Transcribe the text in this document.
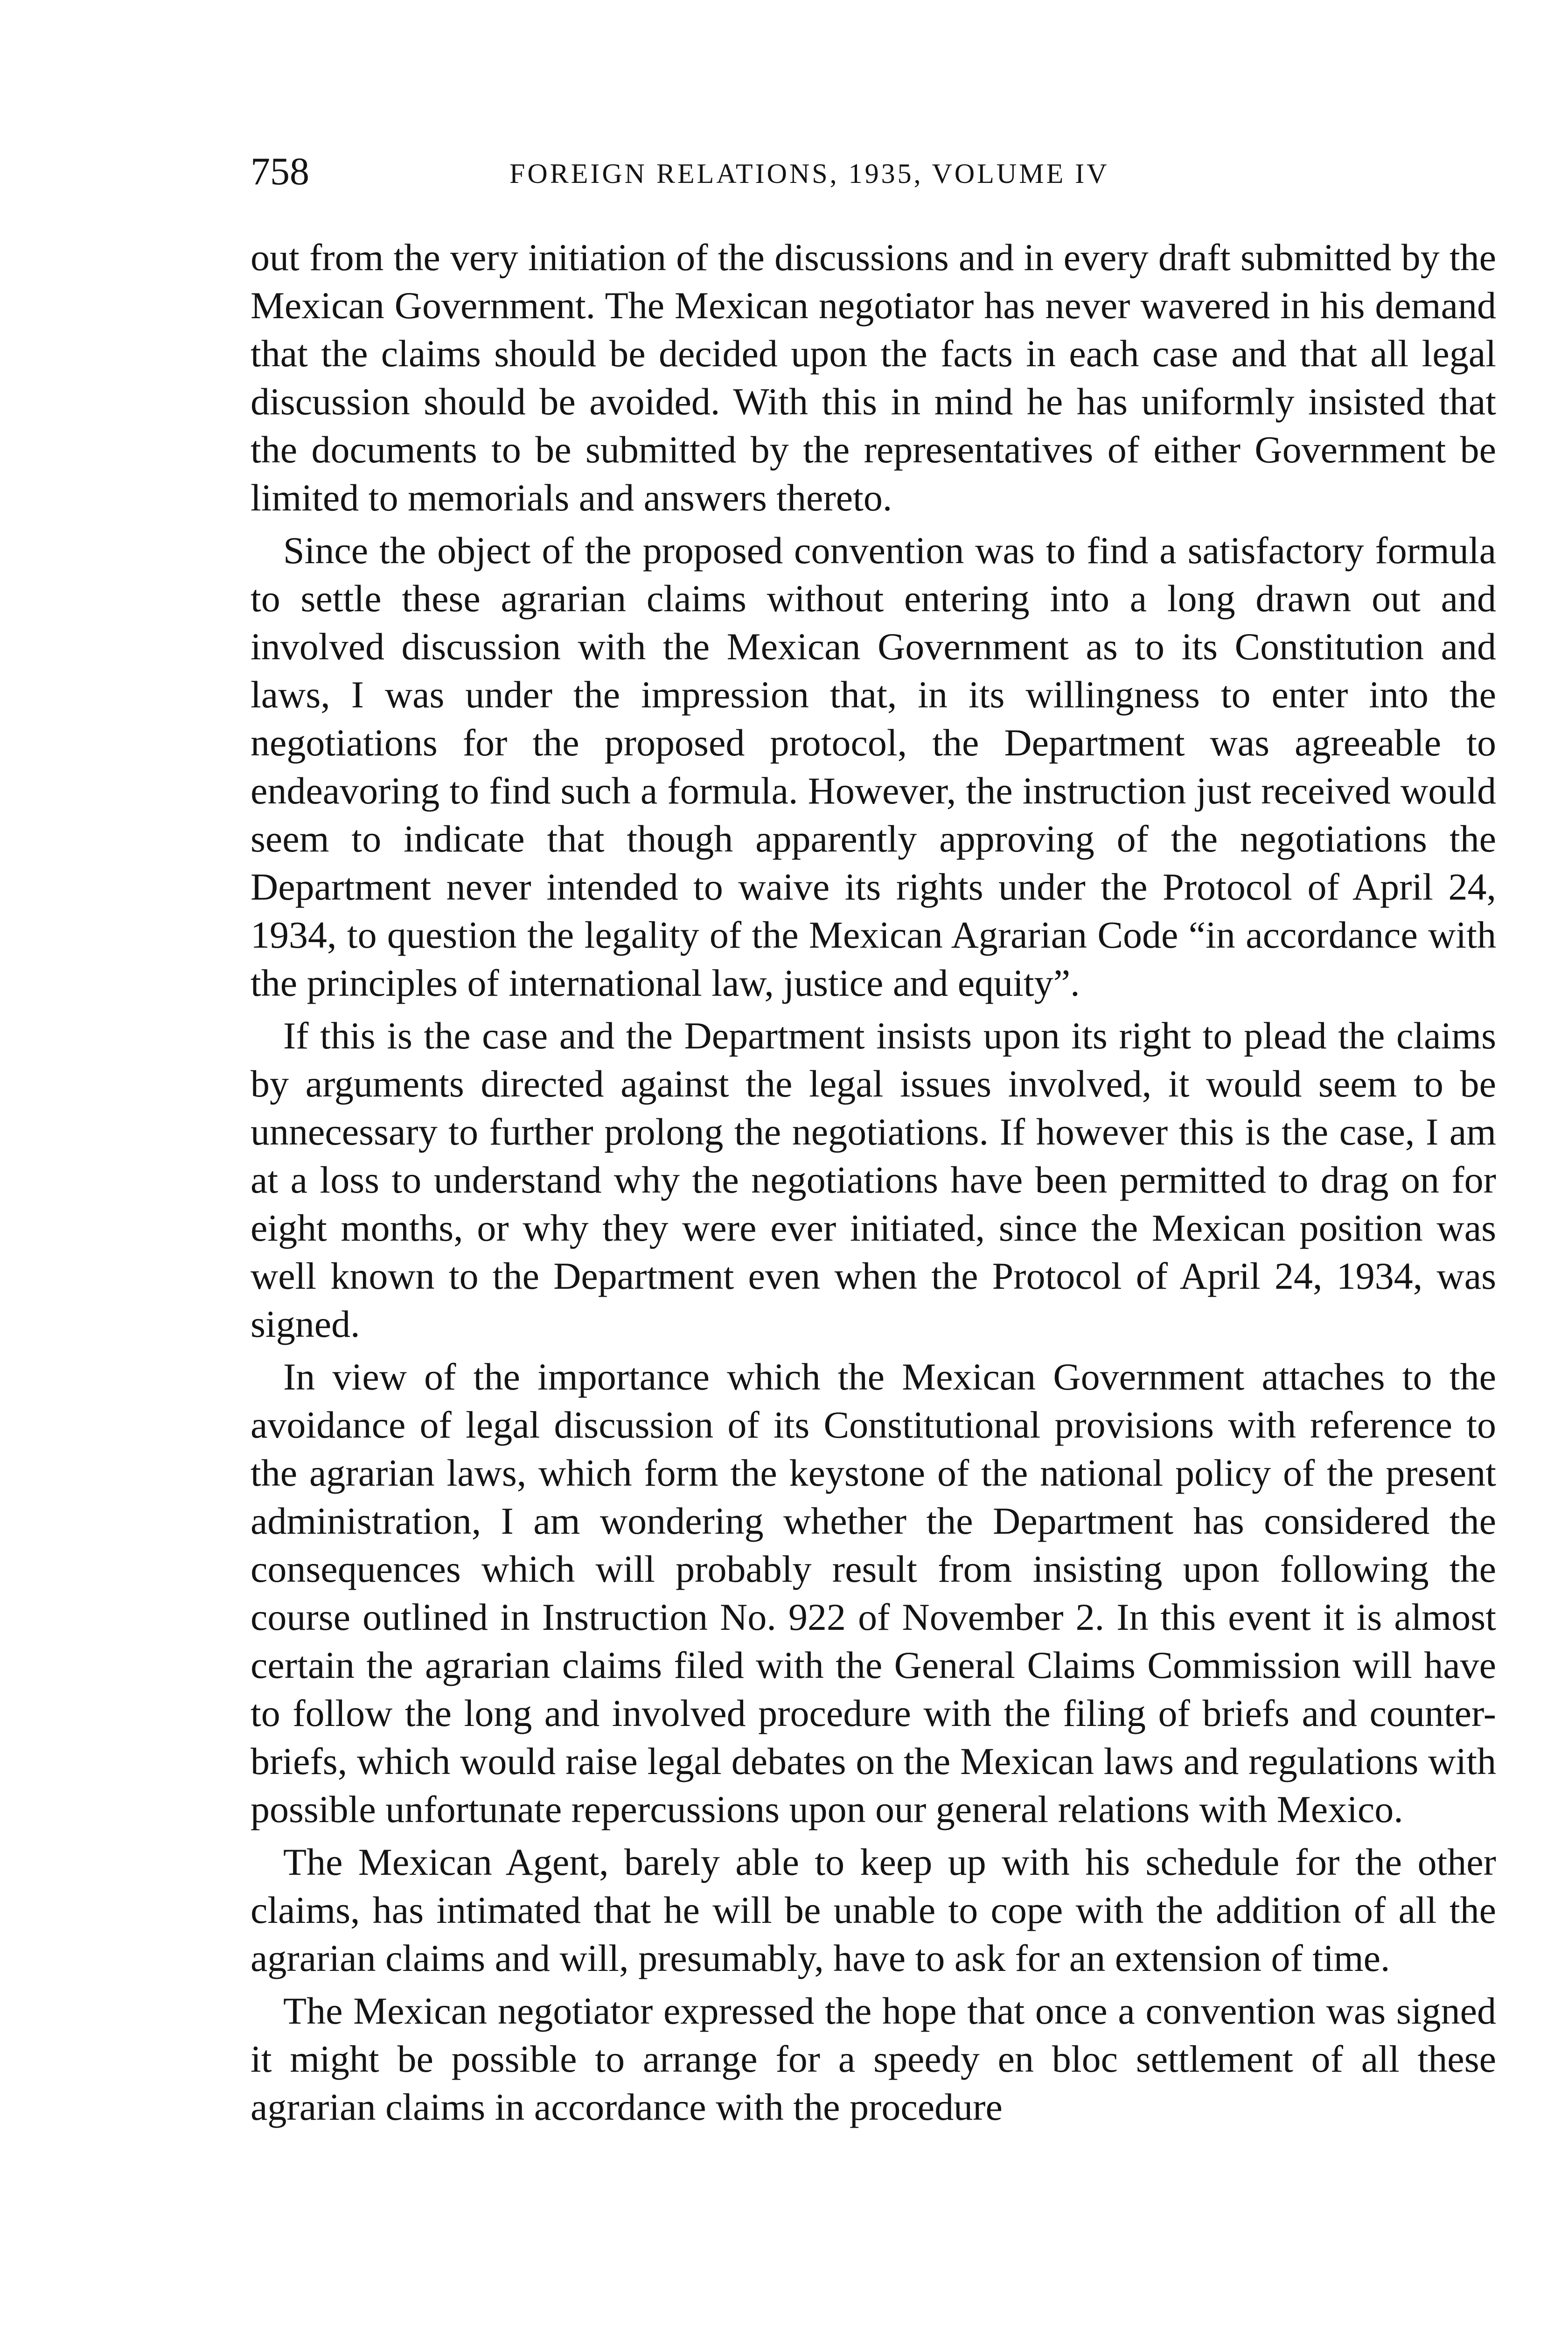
758	FOREIGN RELATIONS, 1935, VOLUME IV

out from the very initiation of the discussions and in every draft submitted by the Mexican Government. The Mexican negotiator has never wavered in his demand that the claims should be decided upon the facts in each case and that all legal discussion should be avoided. With this in mind he has uniformly insisted that the documents to be submitted by the representatives of either Government be limited to memorials and answers thereto.

Since the object of the proposed convention was to find a satisfactory formula to settle these agrarian claims without entering into a long drawn out and involved discussion with the Mexican Government as to its Constitution and laws, I was under the impression that, in its willingness to enter into the negotiations for the proposed protocol, the Department was agreeable to endeavoring to find such a formula. However, the instruction just received would seem to indicate that though apparently approving of the negotiations the Department never intended to waive its rights under the Protocol of April 24, 1934, to question the legality of the Mexican Agrarian Code “in accordance with the principles of international law, justice and equity”.

If this is the case and the Department insists upon its right to plead the claims by arguments directed against the legal issues involved, it would seem to be unnecessary to further prolong the negotiations. If however this is the case, I am at a loss to understand why the negotiations have been permitted to drag on for eight months, or why they were ever initiated, since the Mexican position was well known to the Department even when the Protocol of April 24, 1934, was signed.

In view of the importance which the Mexican Government attaches to the avoidance of legal discussion of its Constitutional provisions with reference to the agrarian laws, which form the keystone of the national policy of the present administration, I am wondering whether the Department has considered the consequences which will probably result from insisting upon following the course outlined in Instruction No. 922 of November 2. In this event it is almost certain the agrarian claims filed with the General Claims Commission will have to follow the long and involved procedure with the filing of briefs and counter-briefs, which would raise legal debates on the Mexican laws and regulations with possible unfortunate repercussions upon our general relations with Mexico.

The Mexican Agent, barely able to keep up with his schedule for the other claims, has intimated that he will be unable to cope with the addition of all the agrarian claims and will, presumably, have to ask for an extension of time.

The Mexican negotiator expressed the hope that once a convention was signed it might be possible to arrange for a speedy en bloc settlement of all these agrarian claims in accordance with the procedure
